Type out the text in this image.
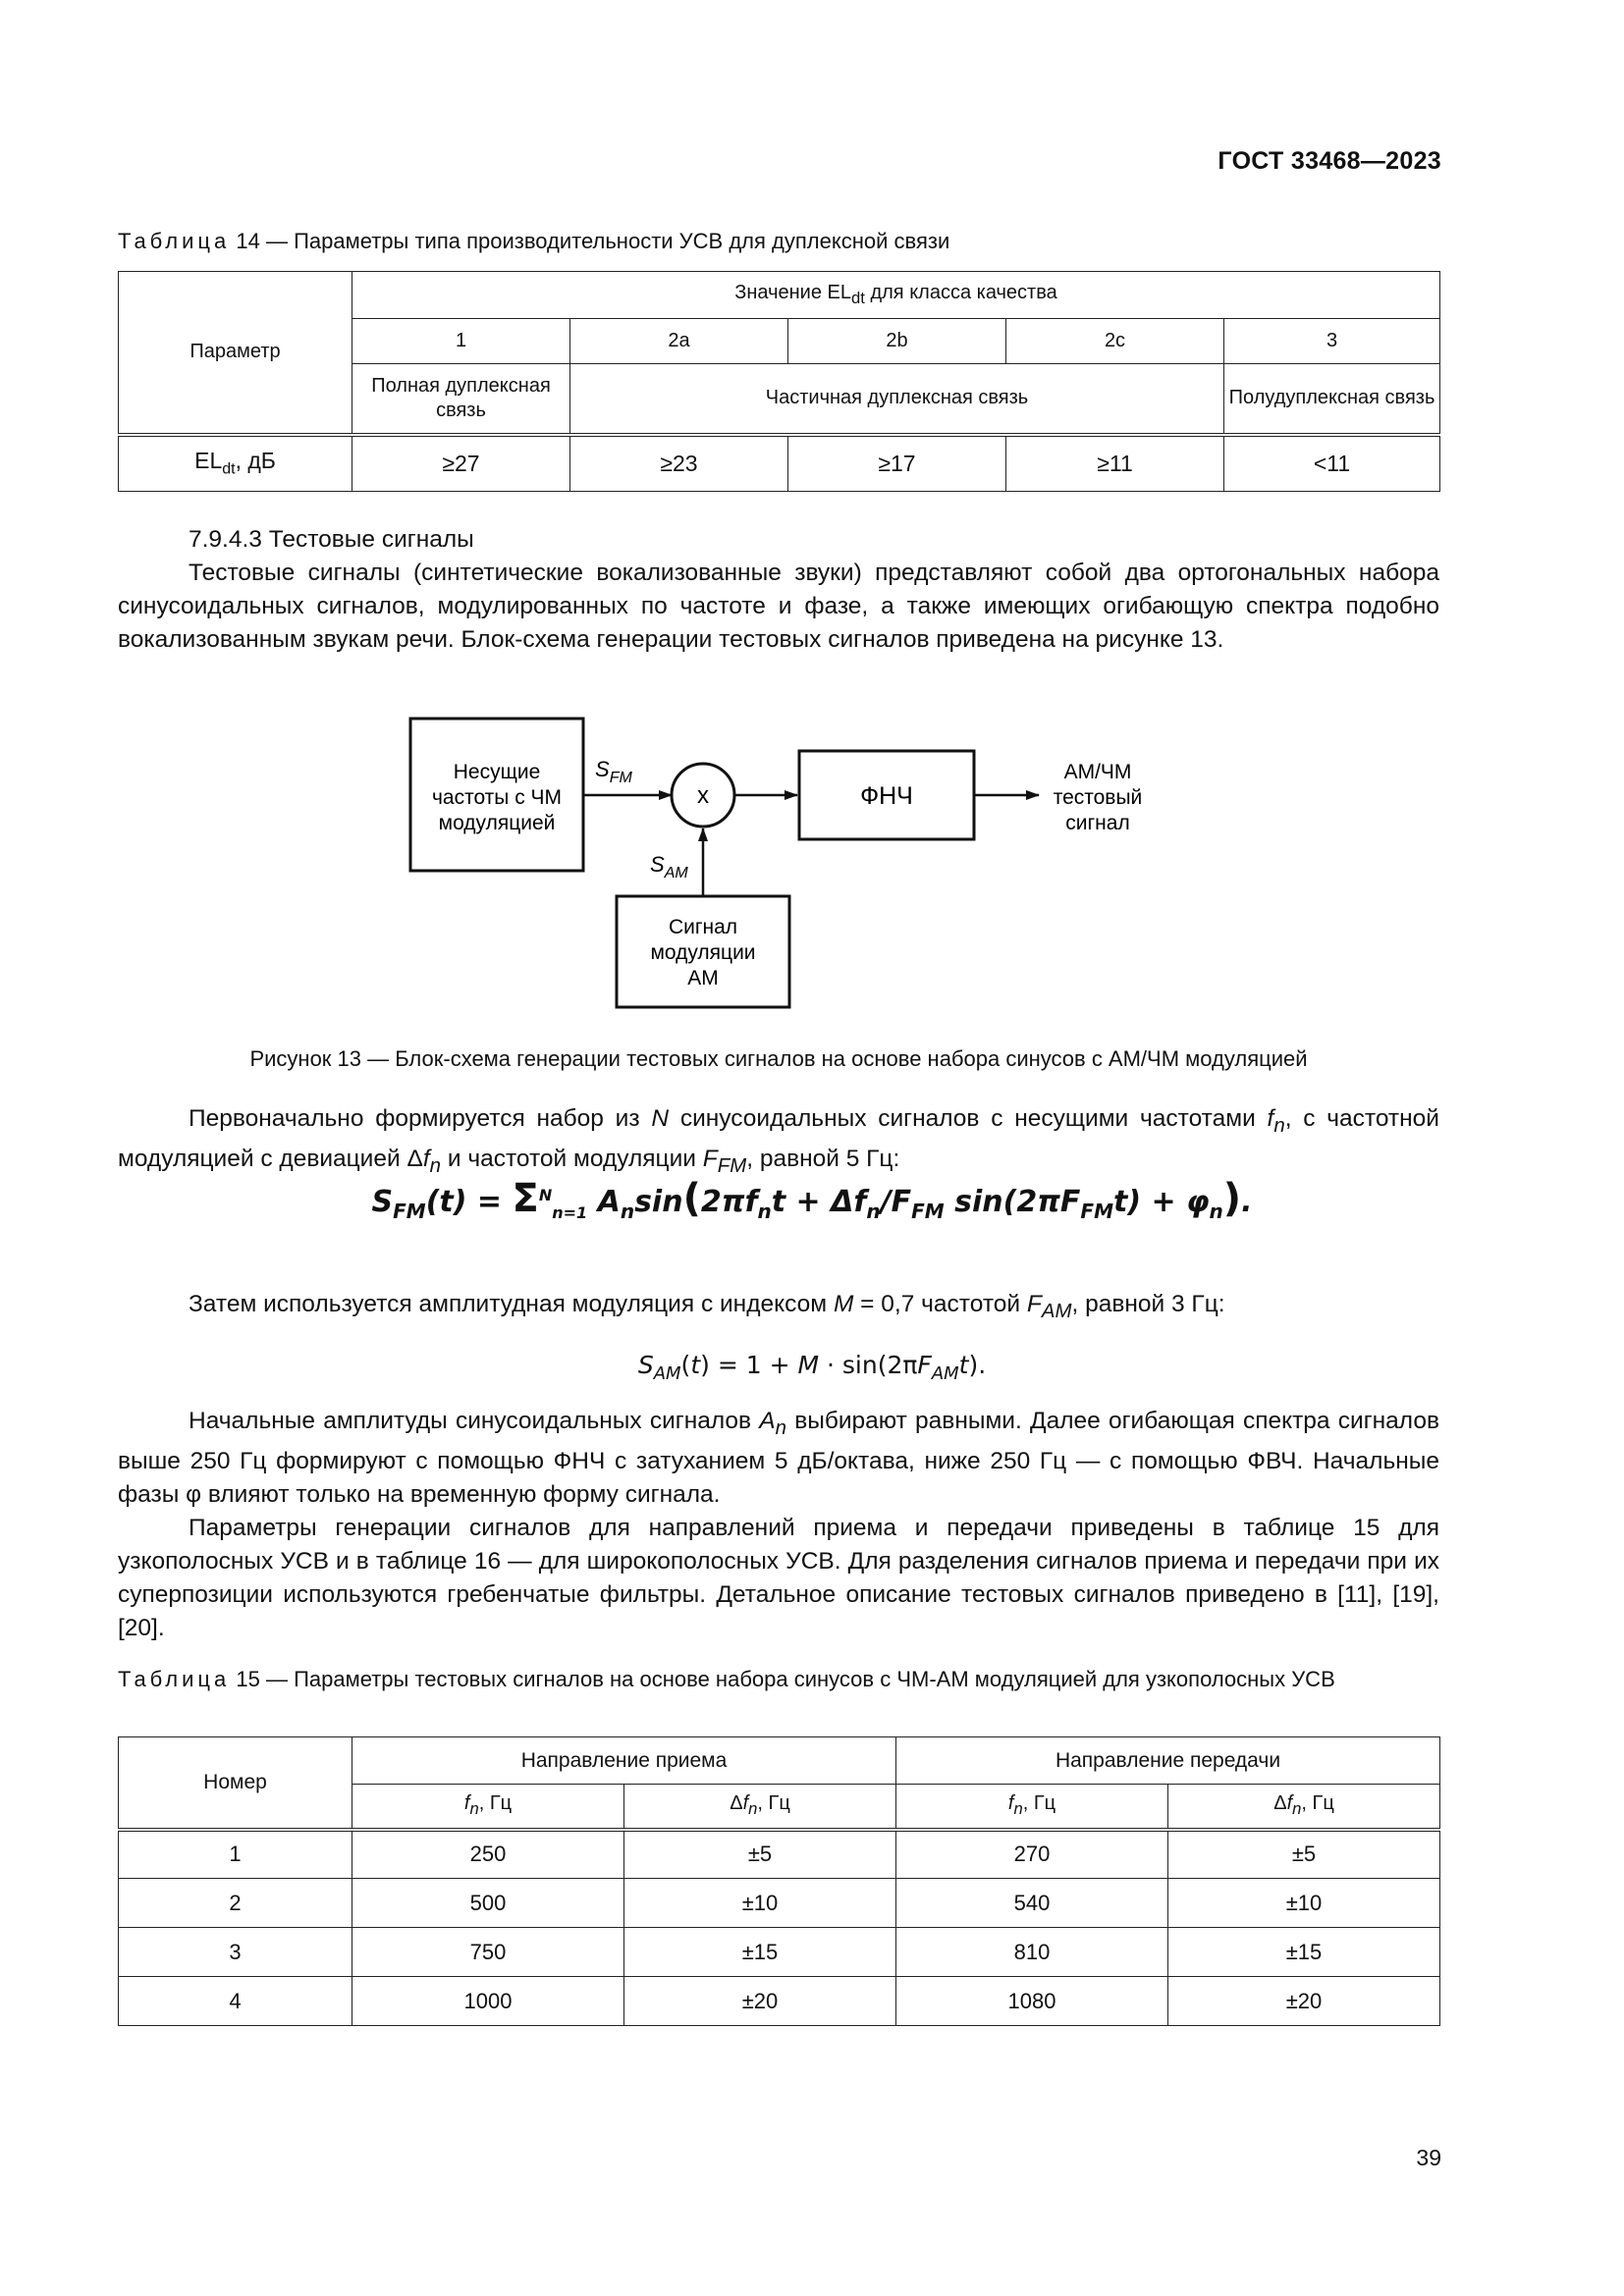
ГОСТ 33468—2023
Таблица 14 — Параметры типа производительности УСВ для дуплексной связи
Параметр	Значение $EL_{dt}$ для класса качества				
	1	2a	2b	2c	3
	Полная дуплексная связь	Частичная дуплексная связь			Полудуплексная связь
$EL_{dt}$, дБ	≥27	≥23	≥17	≥11	<11

7.9.4.3 Тестовые сигналы

Тестовые сигналы (синтетические вокализованные звуки) представляют собой два ортогональных набора синусоидальных сигналов, модулированных по частоте и фазе, а также имеющих огибающую спектра подобно вокализованным звукам речи. Блок-схема генерации тестовых сигналов приведена на рисунке 13.

Несущие
частоты с ЧМ
модуляцией
$S_{FM}$
x	ФНЧ
АМ/ЧМ
тестовый
сигнал
$S_{AM}$
Сигнал
модуляции
АМ
Рисунок 13 — Блок-схема генерации тестовых сигналов на основе набора синусов с АМ/ЧМ модуляцией

Первоначально формируется набор из N синусоидальных сигналов с несущими частотами $f_n$, с частотной модуляцией с девиацией $\Delta f_n$ и частотой модуляции $F_{FM}$, равной 5 Гц:

$S_{FM}(t) = \Sigma^N_{n=1}$ $A_n\sin(2\pi f_nt + \Delta f_n/F_{FM}$ $\sin(2\pi F_{FM}t) + \varphi_n$).

Затем используется амплитудная модуляция с индексом M = 0,7 частотой $F_{AM}$, равной 3 Гц:

$S_{AM}(t) = 1 + M \cdot \sin(2\pi F_{AM}t)$.

Начальные амплитуды синусоидальных сигналов $A_n$ выбирают равными. Далее огибающая спектра сигналов выше 250 Гц формируют с помощью ФНЧ с затуханием 5 дБ/октава, ниже 250 Гц — с помощью ФВЧ. Начальные фазы φ влияют только на временную форму сигнала.

Параметры генерации сигналов для направлений приема и передачи приведены в таблице 15 для узкополосных УСВ и в таблице 16 — для широкополосных УСВ. Для разделения сигналов приема и передачи при их суперпозиции используются гребенчатые фильтры. Детальное описание тестовых сигналов приведено в [11], [19], [20].

Таблица 15 — Параметры тестовых сигналов на основе набора синусов с ЧМ-АМ модуляцией для узкополосных УСВ
Номер	Направление приема		Направление передачи	
	$f_n$, Гц	$\Delta f_n$, Гц	$f_n$, Гц	$\Delta f_n$, Гц
1	250	±5	270	±5
2	500	±10	540	±10
3	750	±15	810	±15
4	1000	±20	1080	±20
39
